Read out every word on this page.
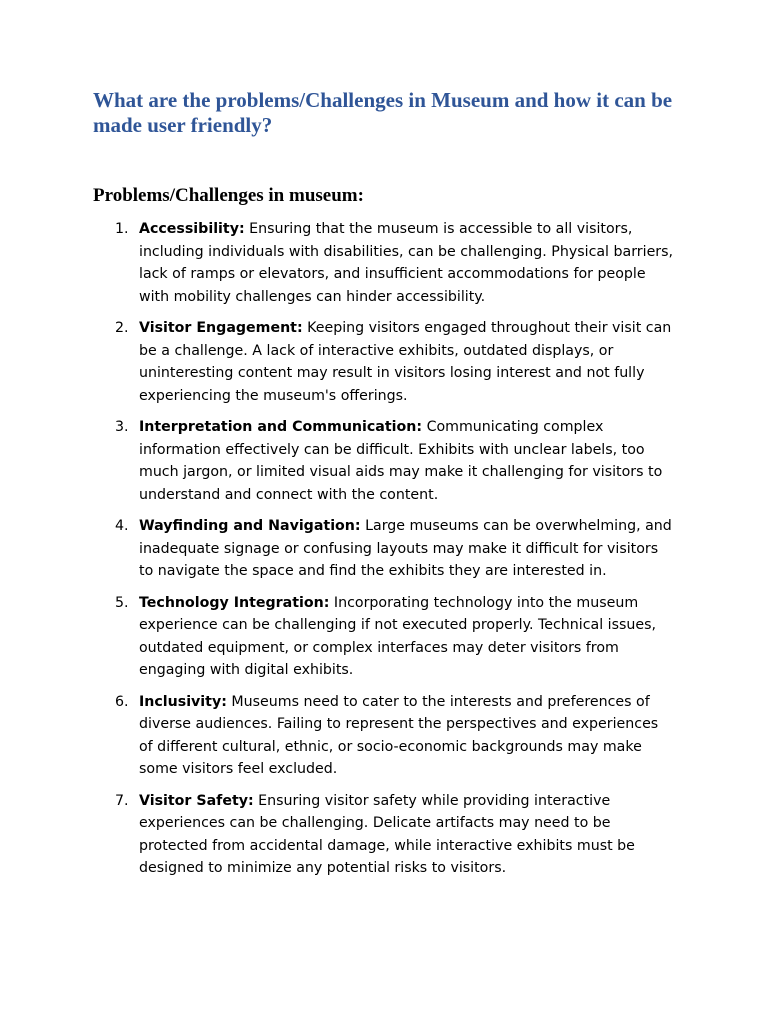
What are the problems/Challenges in Museum and how it can be made user friendly?
Problems/Challenges in museum:
1. Accessibility: Ensuring that the museum is accessible to all visitors, including individuals with disabilities, can be challenging. Physical barriers, lack of ramps or elevators, and insufficient accommodations for people with mobility challenges can hinder accessibility.
2. Visitor Engagement: Keeping visitors engaged throughout their visit can be a challenge. A lack of interactive exhibits, outdated displays, or uninteresting content may result in visitors losing interest and not fully experiencing the museum's offerings.
3. Interpretation and Communication: Communicating complex information effectively can be difficult. Exhibits with unclear labels, too much jargon, or limited visual aids may make it challenging for visitors to understand and connect with the content.
4. Wayfinding and Navigation: Large museums can be overwhelming, and inadequate signage or confusing layouts may make it difficult for visitors to navigate the space and find the exhibits they are interested in.
5. Technology Integration: Incorporating technology into the museum experience can be challenging if not executed properly. Technical issues, outdated equipment, or complex interfaces may deter visitors from engaging with digital exhibits.
6. Inclusivity: Museums need to cater to the interests and preferences of diverse audiences. Failing to represent the perspectives and experiences of different cultural, ethnic, or socio-economic backgrounds may make some visitors feel excluded.
7. Visitor Safety: Ensuring visitor safety while providing interactive experiences can be challenging. Delicate artifacts may need to be protected from accidental damage, while interactive exhibits must be designed to minimize any potential risks to visitors.
